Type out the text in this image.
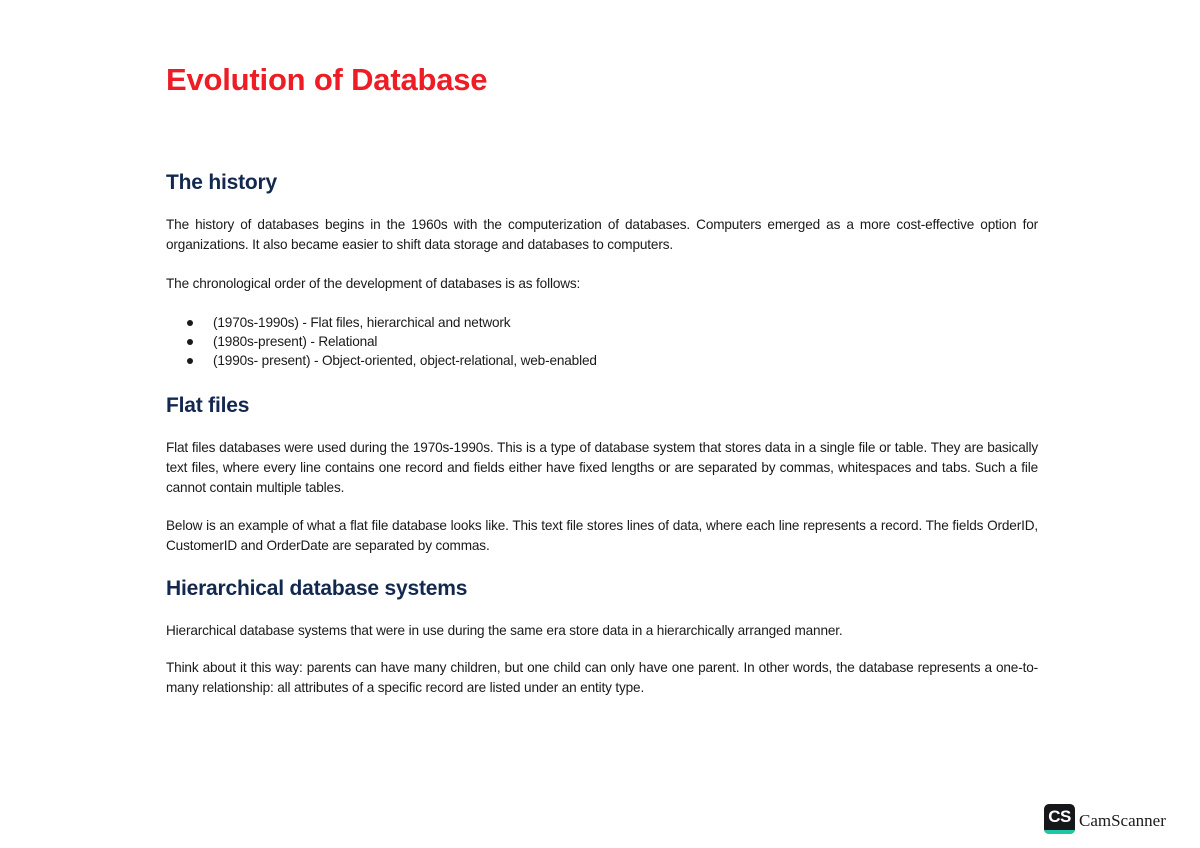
Evolution of Database
The history

The history of databases begins in the 1960s with the computerization of databases. Computers emerged as a more cost-effective option for organizations. It also became easier to shift data storage and databases to computers.

The chronological order of the development of databases is as follows:

(1970s-1990s) - Flat files, hierarchical and network
(1980s-present) - Relational
(1990s- present) - Object-oriented, object-relational, web-enabled
Flat files

Flat files databases were used during the 1970s-1990s. This is a type of database system that stores data in a single file or table. They are basically text files, where every line contains one record and fields either have fixed lengths or are separated by commas, whitespaces and tabs. Such a file cannot contain multiple tables.

Below is an example of what a flat file database looks like. This text file stores lines of data, where each line represents a record. The fields OrderID, CustomerID and OrderDate are separated by commas.

Hierarchical database systems

Hierarchical database systems that were in use during the same era store data in a hierarchically arranged manner.

Think about it this way: parents can have many children, but one child can only have one parent. In other words, the database represents a one-to-many relationship: all attributes of a specific record are listed under an entity type.

CS CamScanner
